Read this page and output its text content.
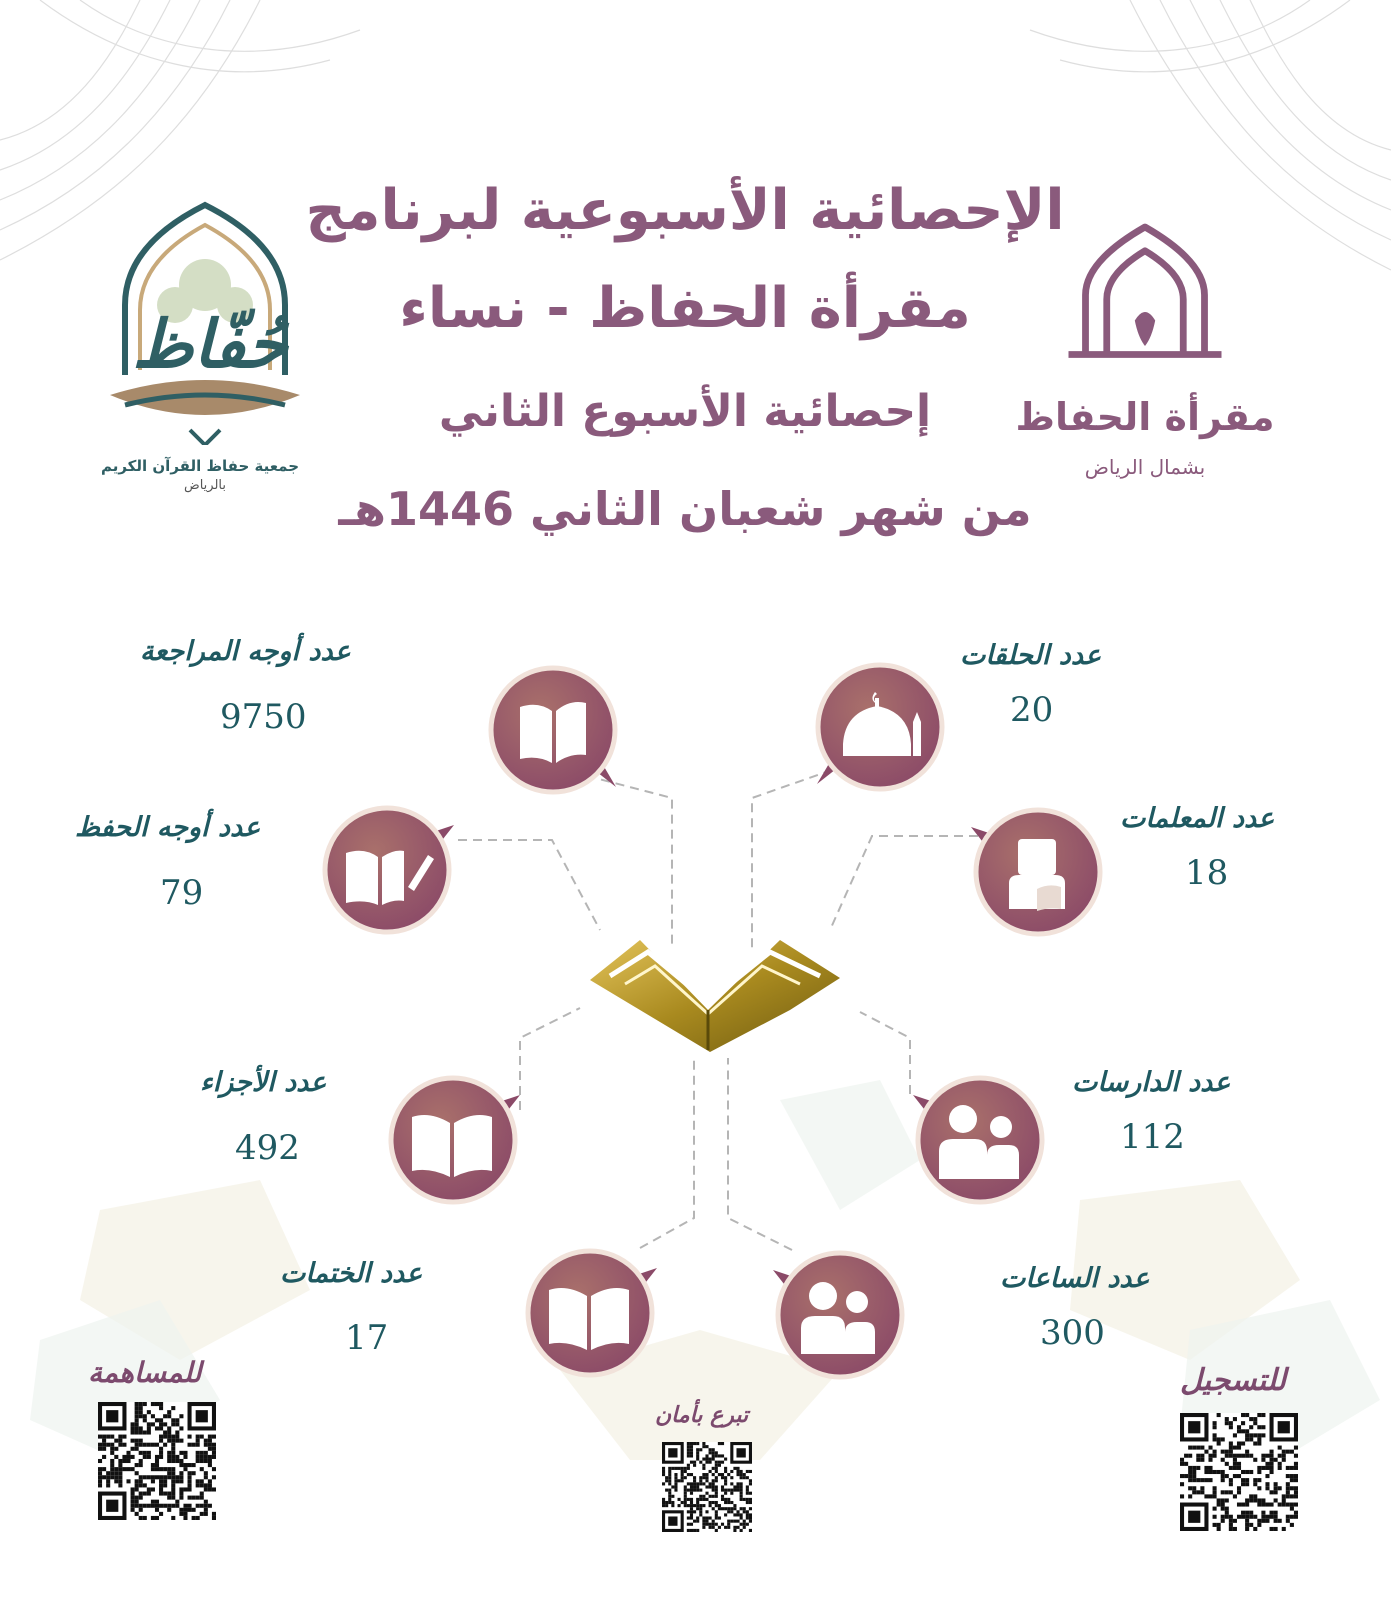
مقرأة الحفاظ
بشمال الرياض
حُفّاظ
جمعية حفاظ القرآن الكريم
بالرياض
الإحصائية الأسبوعية لبرنامج
مقرأة الحفاظ - نساء
إحصائية الأسبوع الثاني
من شهر شعبان الثاني 1446هـ
عدد الحلقات
20
عدد المعلمات
18
عدد الدارسات
112
عدد الساعات
300
عدد أوجه المراجعة
9750
عدد أوجه الحفظ
79
عدد الأجزاء
492
عدد الختمات
17
للتسجيل
تبرع بأمان
للمساهمة
